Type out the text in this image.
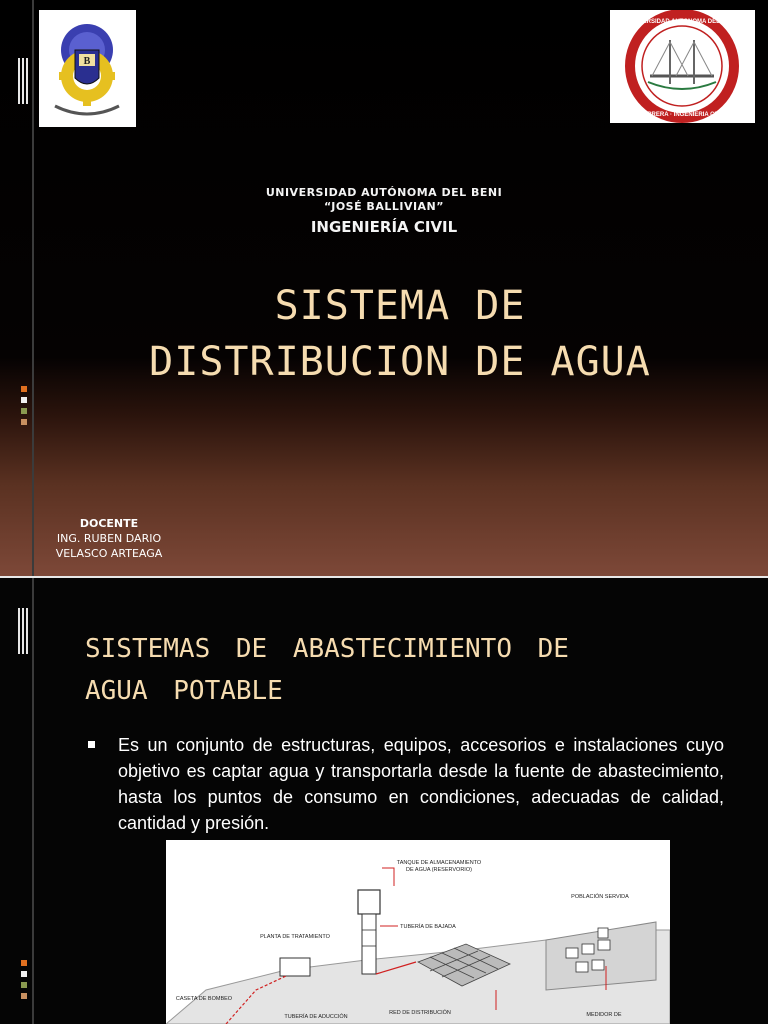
B
UNIVERSIDAD AUTONOMA DEL BENI
CARRERA · INGENIERIA CIVIL
UNIVERSIDAD AUTÓNOMA DEL BENI
“JOSÉ BALLIVIAN”
INGENIERÍA CIVIL
SISTEMA DE
DISTRIBUCION DE AGUA
DOCENTE
ING. RUBEN DARIO
VELASCO ARTEAGA
SISTEMAS DE ABASTECIMIENTO DE
AGUA POTABLE
Es un conjunto de estructuras, equipos, accesorios e instalaciones cuyo objetivo es captar agua y transportarla desde la fuente de abastecimiento, hasta los puntos de consumo en condiciones, adecuadas de calidad, cantidad y presión.
TANQUE DE ALMACENAMIENTO DE AGUA (RESERVORIO)
POBLACIÓN SERVIDA
PLANTA DE TRATAMIENTO
TUBERÍA DE BAJADA
CASETA DE BOMBEO
TUBERÍA DE ADUCCIÓN
RED DE DISTRIBUCIÓN	MEDIDOR DE
